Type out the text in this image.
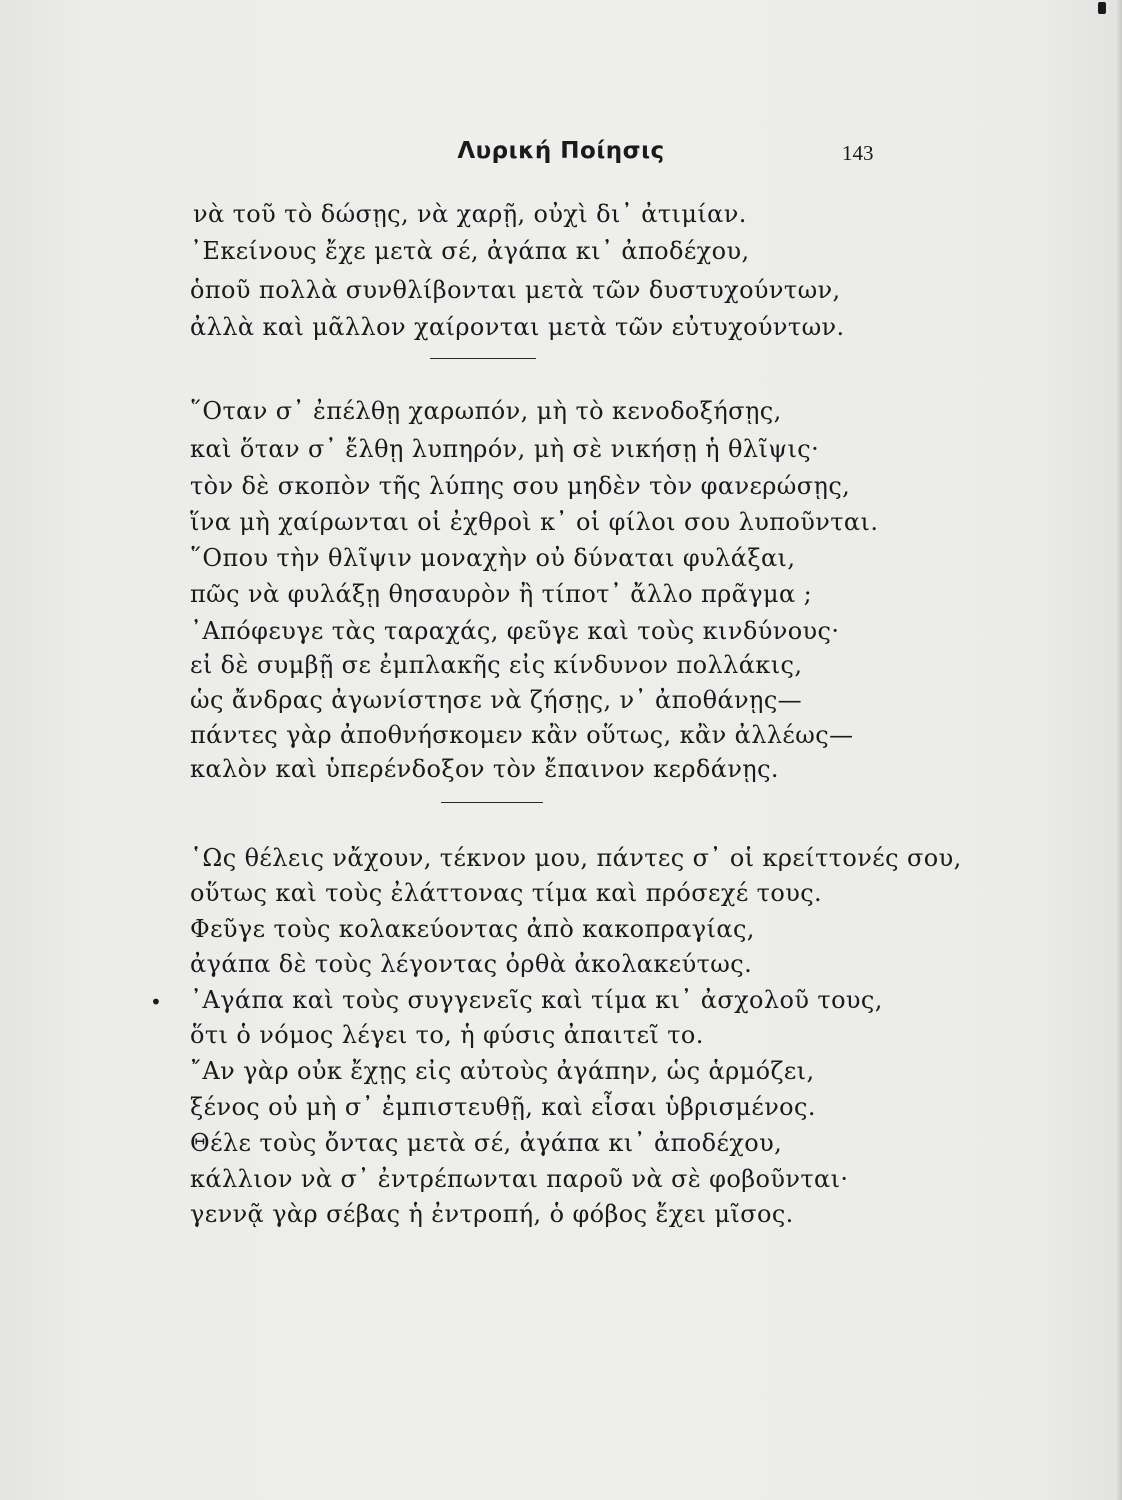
Λυρική Ποίησις	143
νὰ τοῦ τὸ δώσῃς, νὰ χαρῇ, οὐχὶ δι᾽ ἀτιμίαν.
᾽Εκείνους ἔχε μετὰ σέ, ἀγάπα κι᾽ ἀποδέχου,
ὁποῦ πολλὰ συνθλίβονται μετὰ τῶν δυστυχούντων,
ἀλλὰ καὶ μᾶλλον χαίρονται μετὰ τῶν εὐτυχούντων.
῞Οταν σ᾽ ἐπέλθῃ χαρωπόν, μὴ τὸ κενοδοξήσῃς,
καὶ ὅταν σ᾽ ἔλθῃ λυπηρόν, μὴ σὲ νικήσῃ ἡ θλῖψις·
τὸν δὲ σκοπὸν τῆς λύπης σου μηδὲν τὸν φανερώσῃς,
ἵνα μὴ χαίρωνται οἱ ἐχθροὶ κ᾽ οἱ φίλοι σου λυποῦνται.
῞Οπου τὴν θλῖψιν μοναχὴν οὐ δύναται φυλάξαι,
πῶς νὰ φυλάξῃ θησαυρὸν ἢ τίποτ᾽ ἄλλο πρᾶγμα ;
᾽Απόφευγε τὰς ταραχάς, φεῦγε καὶ τοὺς κινδύνους·
εἰ δὲ συμβῇ σε ἐμπλακῆς εἰς κίνδυνον πολλάκις,
ὡς ἄνδρας ἀγωνίστησε νὰ ζήσῃς, ν᾽ ἀποθάνῃς—
πάντες γὰρ ἀποθνήσκομεν κἂν οὕτως, κἂν ἀλλέως—
καλὸν καὶ ὑπερένδοξον τὸν ἔπαινον κερδάνῃς.
῾Ως θέλεις νἄχουν, τέκνον μου, πάντες σ᾽ οἱ κρείττονές σου,
οὕτως καὶ τοὺς ἐλάττονας τίμα καὶ πρόσεχέ τους.
Φεῦγε τοὺς κολακεύοντας ἀπὸ κακοπραγίας,
ἀγάπα δὲ τοὺς λέγοντας ὀρθὰ ἀκολακεύτως.
• ᾽Αγάπα καὶ τοὺς συγγενεῖς καὶ τίμα κι᾽ ἀσχολοῦ τους,
ὅτι ὁ νόμος λέγει το, ἡ φύσις ἀπαιτεῖ το.
῎Αν γὰρ οὐκ ἔχῃς εἰς αὐτοὺς ἀγάπην, ὡς ἁρμόζει,
ξένος οὐ μὴ σ᾽ ἐμπιστευθῇ, καὶ εἶσαι ὑβρισμένος.
Θέλε τοὺς ὄντας μετὰ σέ, ἀγάπα κι᾽ ἀποδέχου,
κάλλιον νὰ σ᾽ ἐντρέπωνται παροῦ νὰ σὲ φοβοῦνται·
γεννᾷ γὰρ σέβας ἡ ἐντροπή, ὁ φόβος ἔχει μῖσος.
